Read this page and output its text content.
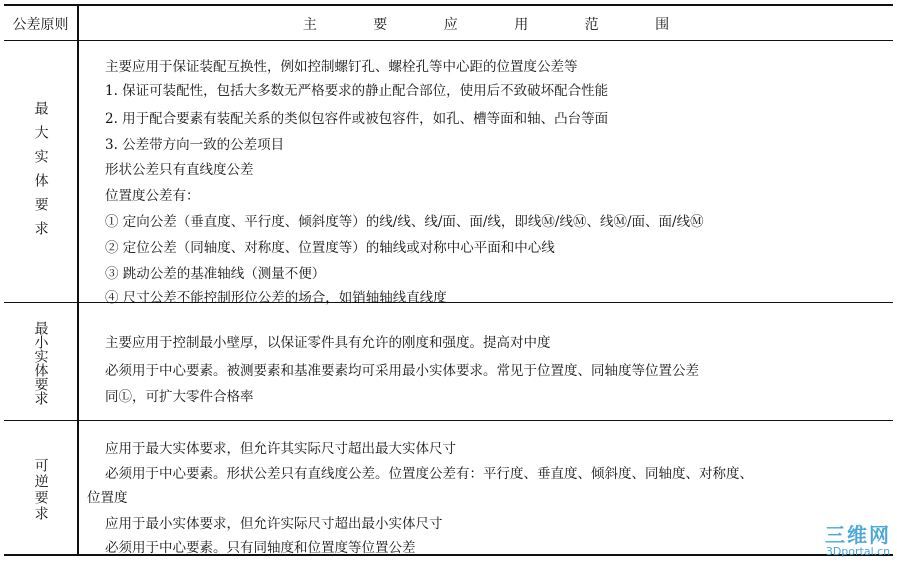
公差原则	主 要 应 用 范 围
最大实体要求
最小实体要求
可逆要求
主要应用于保证装配互换性，例如控制螺钉孔、螺栓孔等中心距的位置度公差等
1. 保证可装配性，包括大多数无严格要求的静止配合部位，使用后不致破坏配合性能
2. 用于配合要素有装配关系的类似包容件或被包容件，如孔、槽等面和轴、凸台等面
3. 公差带方向一致的公差项目
形状公差只有直线度公差
位置度公差有：
① 定向公差（垂直度、平行度、倾斜度等）的线/线、线/面、面/线，即线Ⓜ/线Ⓜ、线Ⓜ/面、面/线Ⓜ
② 定位公差（同轴度、对称度、位置度等）的轴线或对称中心平面和中心线
③ 跳动公差的基准轴线（测量不便）
④ 尺寸公差不能控制形位公差的场合，如销轴轴线直线度
主要应用于控制最小壁厚，以保证零件具有允许的刚度和强度。提高对中度
必须用于中心要素。被测要素和基准要素均可采用最小实体要求。常见于位置度、同轴度等位置公差
同Ⓛ，可扩大零件合格率
应用于最大实体要求，但允许其实际尺寸超出最大实体尺寸
必须用于中心要素。形状公差只有直线度公差。位置度公差有：平行度、垂直度、倾斜度、同轴度、对称度、
位置度
应用于最小实体要求，但允许实际尺寸超出最小实体尺寸
必须用于中心要素。只有同轴度和位置度等位置公差
三维网
3Dportal.cn
